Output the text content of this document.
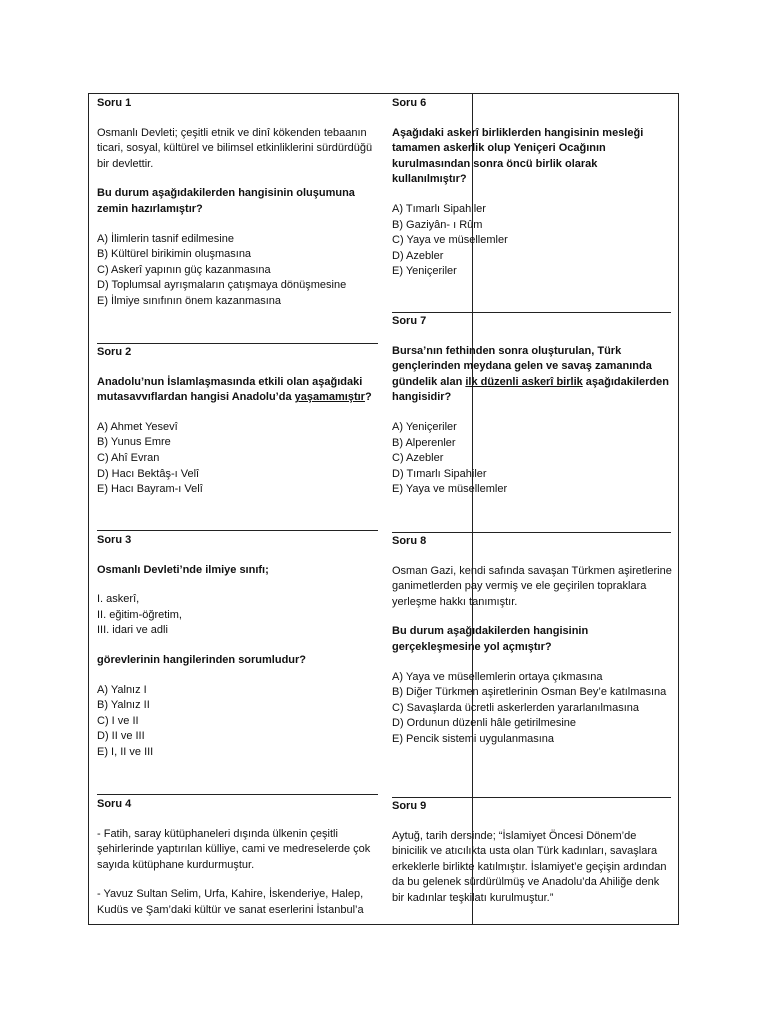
Soru 1
Osmanlı Devleti; çeşitli etnik ve dinî kökenden tebaanın ticari, sosyal, kültürel ve bilimsel etkinliklerini sürdürdüğü bir devlettir.
Bu durum aşağıdakilerden hangisinin oluşumuna zemin hazırlamıştır?
A) İlimlerin tasnif edilmesine
B) Kültürel birikimin oluşmasına
C) Askerî yapının güç kazanmasına
D) Toplumsal ayrışmaların çatışmaya dönüşmesine
E) İlmiye sınıfının önem kazanmasına
Soru 2
Anadolu’nun İslamlaşmasında etkili olan aşağıdaki mutasavvıflardan hangisi Anadolu’da yaşamamıştır?
A) Ahmet Yesevî
B) Yunus Emre
C) Ahî Evran
D) Hacı Bektâş-ı Velî
E) Hacı Bayram-ı Velî
Soru 3
Osmanlı Devleti’nde ilmiye sınıfı;
I. askerî,
II. eğitim-öğretim,
III. idari ve adli
görevlerinin hangilerinden sorumludur?
A) Yalnız I
B) Yalnız II
C) I ve II
D) II ve III
E) I, II ve III
Soru 4
- Fatih, saray kütüphaneleri dışında ülkenin çeşitli şehirlerinde yaptırılan külliye, cami ve medreselerde çok sayıda kütüphane kurdurmuştur.
- Yavuz Sultan Selim, Urfa, Kahire, İskenderiye, Halep, Kudüs ve Şam’daki kültür ve sanat eserlerini İstanbul’a
Soru 6
Aşağıdaki askerî birliklerden hangisinin mesleği tamamen askerlik olup Yeniçeri Ocağının kurulmasından sonra öncü birlik olarak kullanılmıştır?
A) Tımarlı Sipahiler
B) Gaziyân- ı Rûm
C) Yaya ve müsellemler
D) Azebler
E) Yeniçeriler
Soru 7
Bursa’nın fethinden sonra oluşturulan, Türk gençlerinden meydana gelen ve savaş zamanında gündelik alan ilk düzenli askerî birlik aşağıdakilerden hangisidir?
A) Yeniçeriler
B) Alperenler
C) Azebler
D) Tımarlı Sipahiler
E) Yaya ve müsellemler
Soru 8
Osman Gazi, kendi safında savaşan Türkmen aşiretlerine ganimetlerden pay vermiş ve ele geçirilen topraklara yerleşme hakkı tanımıştır.
Bu durum aşağıdakilerden hangisinin gerçekleşmesine yol açmıştır?
A) Yaya ve müsellemlerin ortaya çıkmasına
B) Diğer Türkmen aşiretlerinin Osman Bey’e katılmasına
C) Savaşlarda ücretli askerlerden yararlanılmasına
D) Ordunun düzenli hâle getirilmesine
E) Pencik sistemi uygulanmasına
Soru 9
Aytuğ, tarih dersinde; “İslamiyet Öncesi Dönem’de binicilik ve atıcılıkta usta olan Türk kadınları, savaşlara erkeklerle birlikte katılmıştır. İslamiyet’e geçişin ardından da bu gelenek sürdürülmüş ve Anadolu’da Ahiliğe denk bir kadınlar teşkilatı kurulmuştur.”
